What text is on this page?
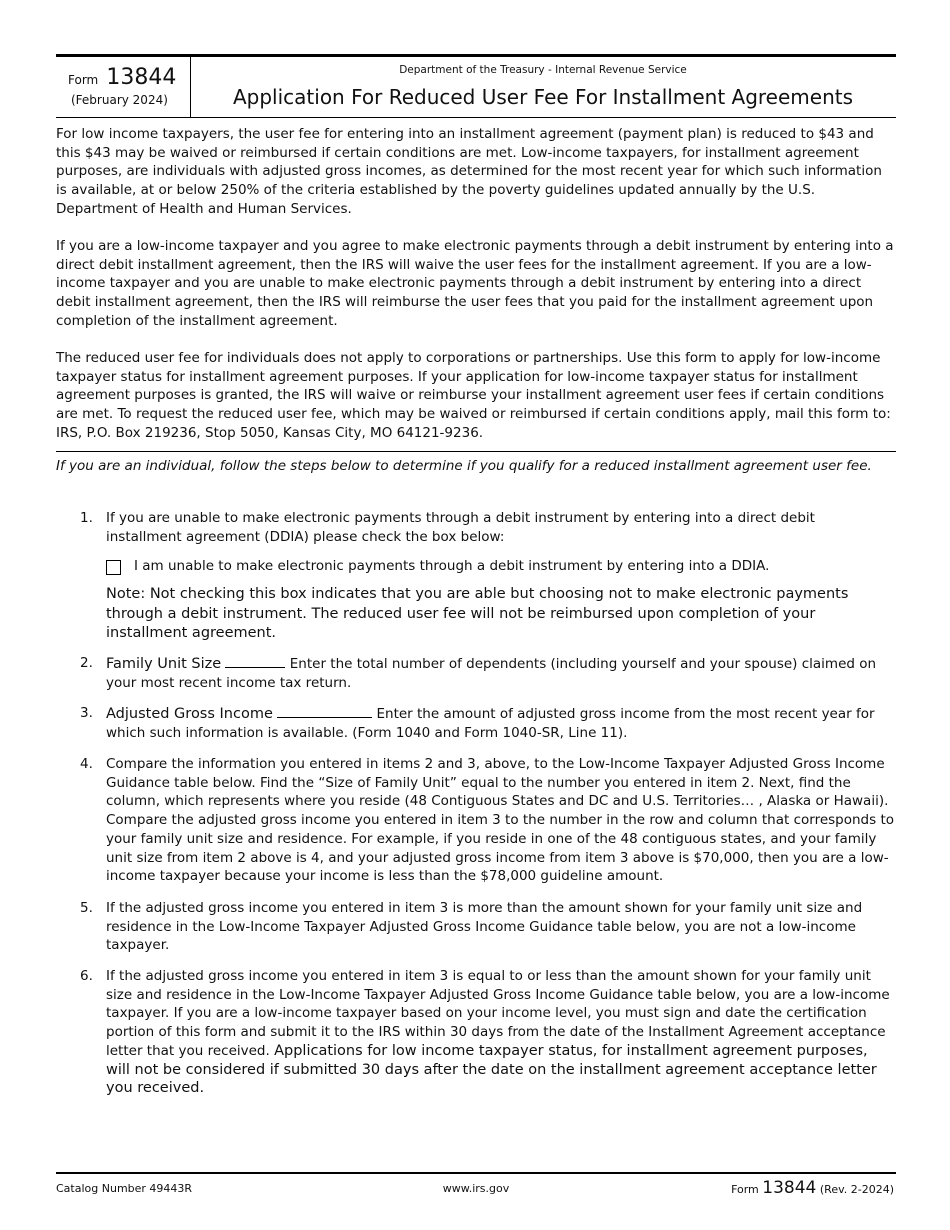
Form 13844
(February 2024)
Department of the Treasury - Internal Revenue Service
Application For Reduced User Fee For Installment Agreements

For low income taxpayers, the user fee for entering into an installment agreement (payment plan) is reduced to $43 and this $43 may be waived or reimbursed if certain conditions are met. Low-income taxpayers, for installment agreement purposes, are individuals with adjusted gross incomes, as determined for the most recent year for which such information is available, at or below 250% of the criteria established by the poverty guidelines updated annually by the U.S. Department of Health and Human Services.

If you are a low-income taxpayer and you agree to make electronic payments through a debit instrument by entering into a direct debit installment agreement, then the IRS will waive the user fees for the installment agreement. If you are a low-income taxpayer and you are unable to make electronic payments through a debit instrument by entering into a direct debit installment agreement, then the IRS will reimburse the user fees that you paid for the installment agreement upon completion of the installment agreement.

The reduced user fee for individuals does not apply to corporations or partnerships. Use this form to apply for low-income taxpayer status for installment agreement purposes. If your application for low-income taxpayer status for installment agreement purposes is granted, the IRS will waive or reimburse your installment agreement user fees if certain conditions are met. To request the reduced user fee, which may be waived or reimbursed if certain conditions apply, mail this form to: IRS, P.O. Box 219236, Stop 5050, Kansas City, MO 64121-9236.

If you are an individual, follow the steps below to determine if you qualify for a reduced installment agreement user fee.
1. If you are unable to make electronic payments through a debit instrument by entering into a direct debit installment agreement (DDIA) please check the box below:
I am unable to make electronic payments through a debit instrument by entering into a DDIA.
Note: Not checking this box indicates that you are able but choosing not to make electronic payments through a debit instrument. The reduced user fee will not be reimbursed upon completion of your installment agreement.
2. Family Unit Size	Enter the total number of dependents (including yourself and your spouse) claimed on your most recent income tax return.
3. Adjusted Gross Income	Enter the amount of adjusted gross income from the most recent year for which such information is available. (Form 1040 and Form 1040-SR, Line 11).
4. Compare the information you entered in items 2 and 3, above, to the Low-Income Taxpayer Adjusted Gross Income Guidance table below. Find the “Size of Family Unit” equal to the number you entered in item 2. Next, find the column, which represents where you reside (48 Contiguous States and DC and U.S. Territories… , Alaska or Hawaii). Compare the adjusted gross income you entered in item 3 to the number in the row and column that corresponds to your family unit size and residence. For example, if you reside in one of the 48 contiguous states, and your family unit size from item 2 above is 4, and your adjusted gross income from item 3 above is $70,000, then you are a low-income taxpayer because your income is less than the $78,000 guideline amount.
5. If the adjusted gross income you entered in item 3 is more than the amount shown for your family unit size and residence in the Low-Income Taxpayer Adjusted Gross Income Guidance table below, you are not a low-income taxpayer.
6. If the adjusted gross income you entered in item 3 is equal to or less than the amount shown for your family unit size and residence in the Low-Income Taxpayer Adjusted Gross Income Guidance table below, you are a low-income taxpayer. If you are a low-income taxpayer based on your income level, you must sign and date the certification portion of this form and submit it to the IRS within 30 days from the date of the Installment Agreement acceptance letter that you received. Applications for low income taxpayer status, for installment agreement purposes, will not be considered if submitted 30 days after the date on the installment agreement acceptance letter you received.
Catalog Number 49443R	www.irs.gov	Form 13844 (Rev. 2-2024)
